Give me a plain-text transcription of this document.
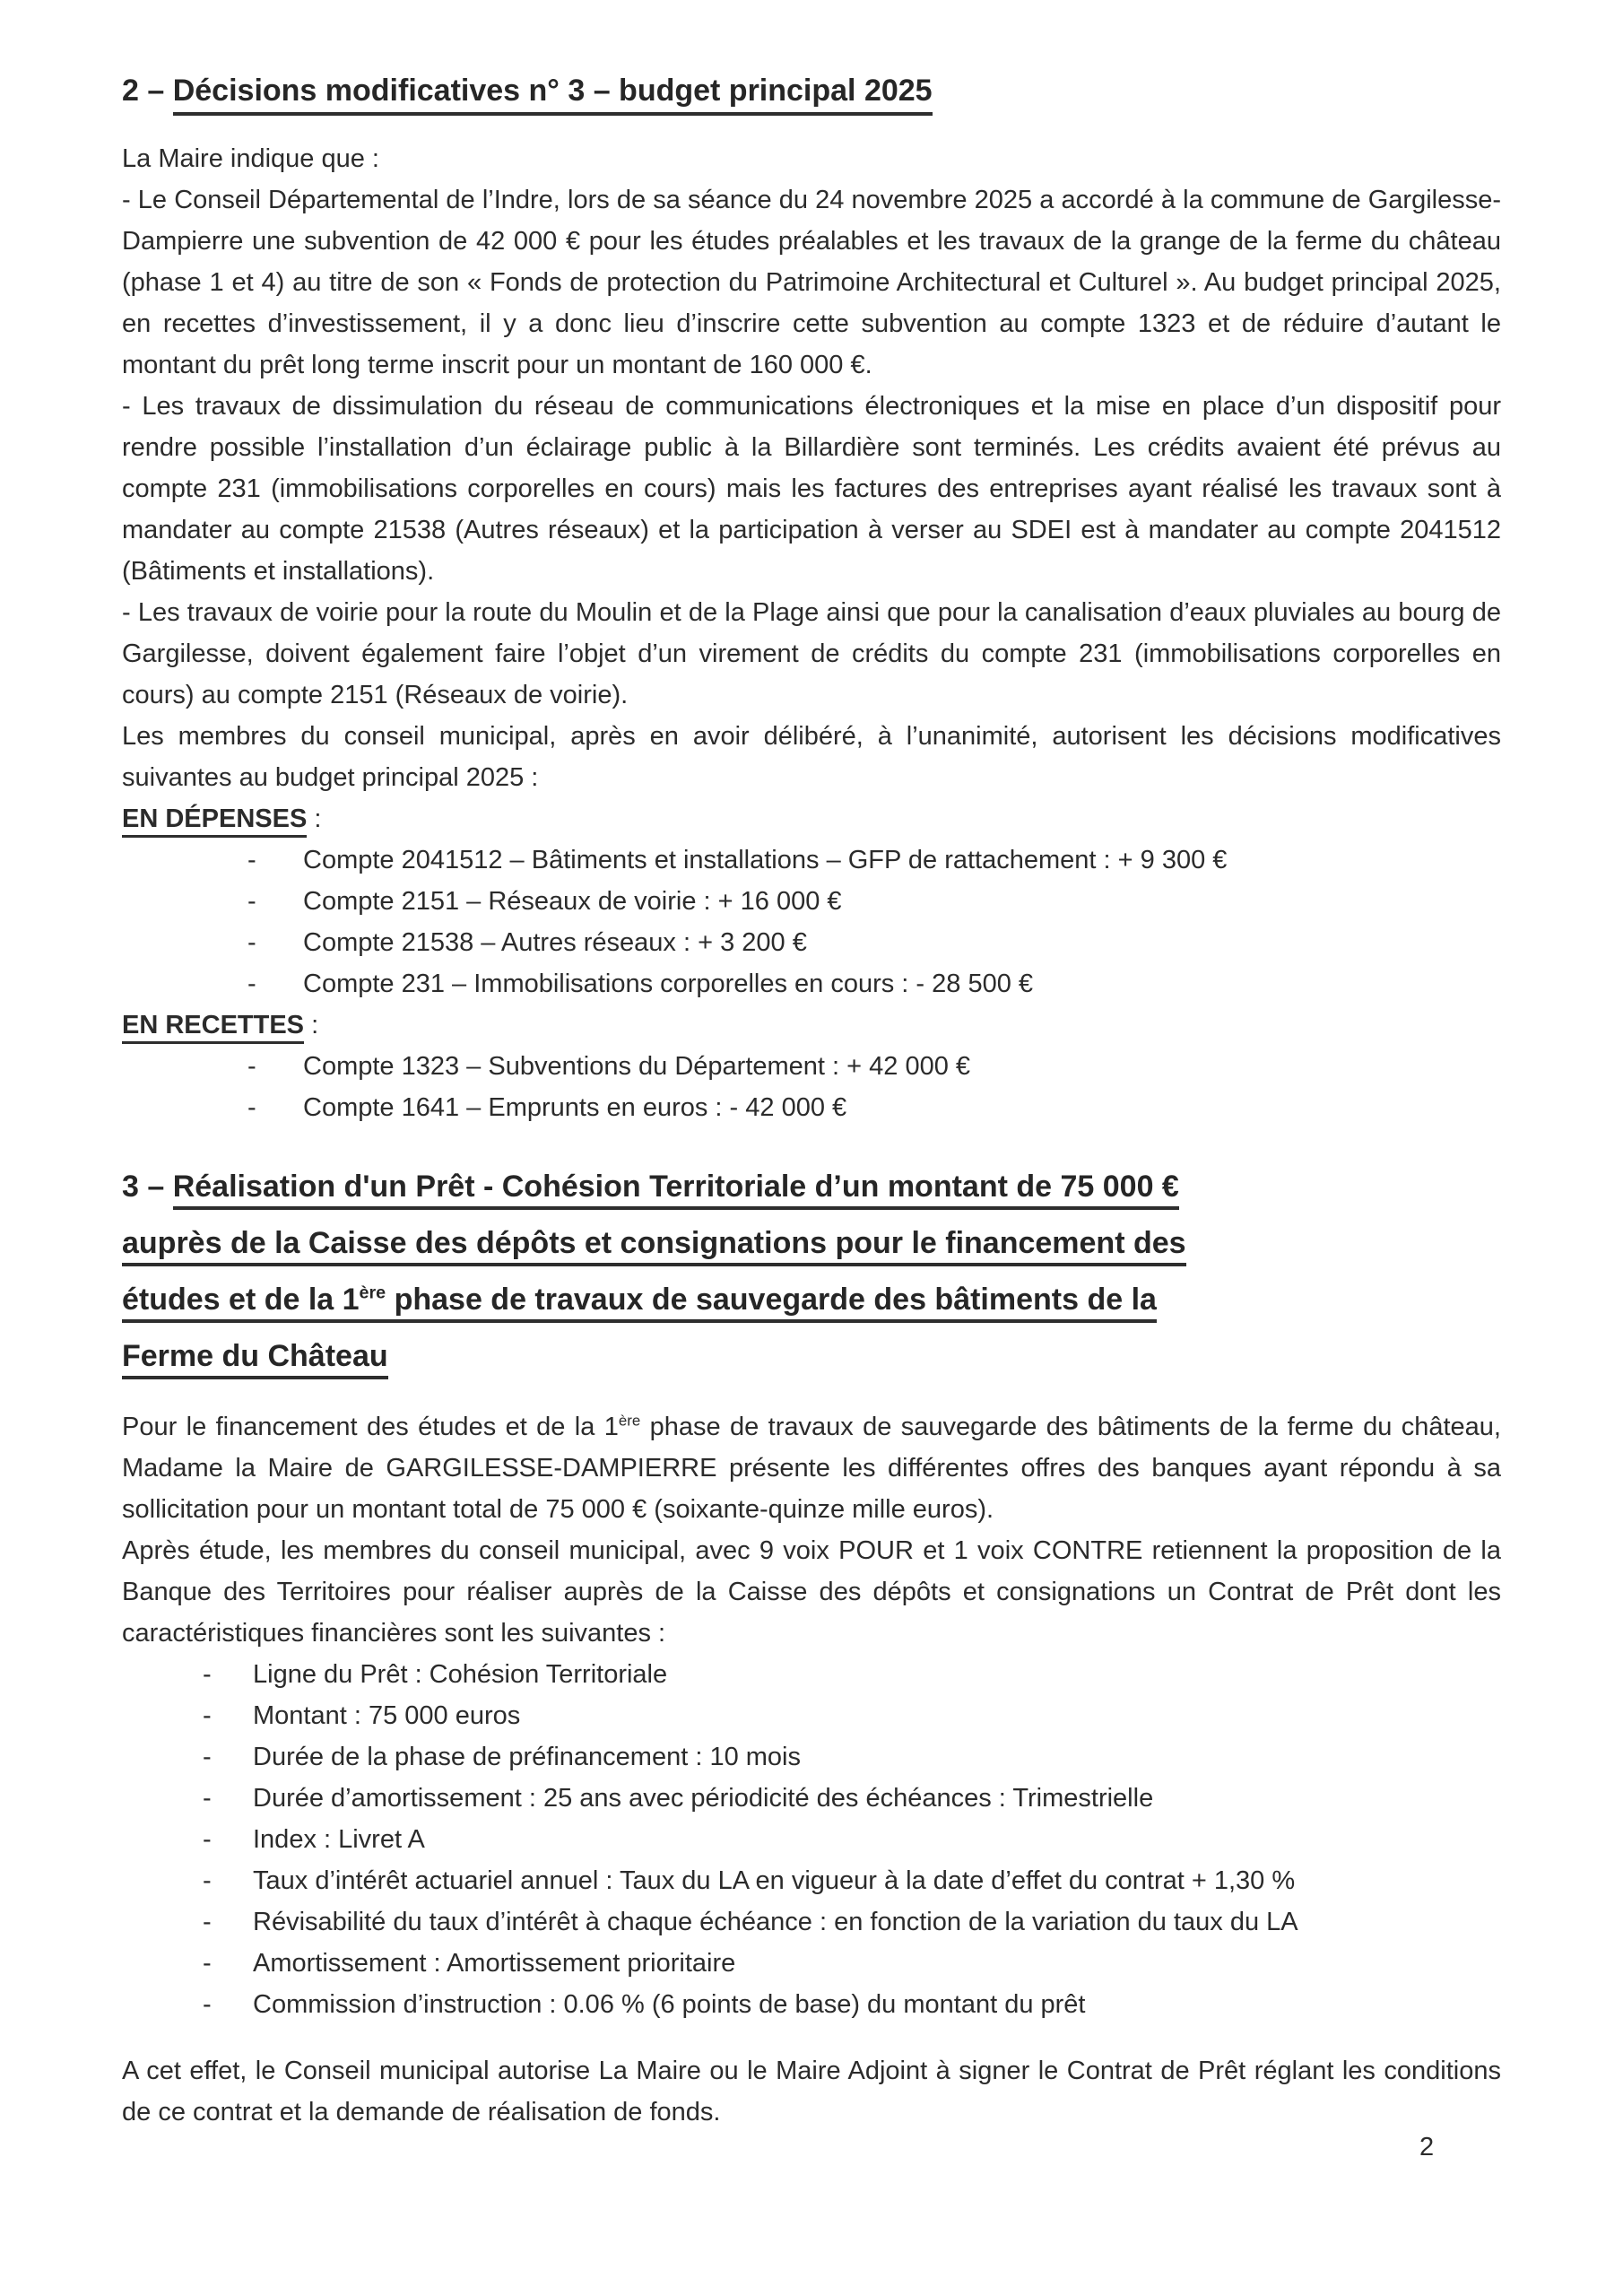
2 – Décisions modificatives n° 3 – budget principal 2025

La Maire indique que :

- Le Conseil Départemental de l’Indre, lors de sa séance du 24 novembre 2025 a accordé à la commune de Gargilesse-Dampierre une subvention de 42 000 € pour les études préalables et les travaux de la grange de la ferme du château (phase 1 et 4) au titre de son « Fonds de protection du Patrimoine Architectural et Culturel ». Au budget principal 2025, en recettes d’investissement, il y a donc lieu d’inscrire cette subvention au compte 1323 et de réduire d’autant le montant du prêt long terme inscrit pour un montant de 160 000 €.

- Les travaux de dissimulation du réseau de communications électroniques et la mise en place d’un dispositif pour rendre possible l’installation d’un éclairage public à la Billardière sont terminés. Les crédits avaient été prévus au compte 231 (immobilisations corporelles en cours) mais les factures des entreprises ayant réalisé les travaux sont à mandater au compte 21538 (Autres réseaux) et la participation à verser au SDEI est à mandater au compte 2041512 (Bâtiments et installations).

- Les travaux de voirie pour la route du Moulin et de la Plage ainsi que pour la canalisation d’eaux pluviales au bourg de Gargilesse, doivent également faire l’objet d’un virement de crédits du compte 231 (immobilisations corporelles en cours) au compte 2151 (Réseaux de voirie).

Les membres du conseil municipal, après en avoir délibéré, à l’unanimité, autorisent les décisions modificatives suivantes au budget principal 2025 :

EN DÉPENSES :
-	Compte 2041512 – Bâtiments et installations – GFP de rattachement : + 9 300 €
-	Compte 2151 – Réseaux de voirie : + 16 000 €
-	Compte 21538 – Autres réseaux : + 3 200 €
-	Compte 231 – Immobilisations corporelles en cours : - 28 500 €
EN RECETTES :
-	Compte 1323 – Subventions du Département : + 42 000 €
-	Compte 1641 – Emprunts en euros : - 42 000 €
3 – Réalisation d'un Prêt - Cohésion Territoriale d’un montant de 75 000 €
auprès de la Caisse des dépôts et consignations pour le financement des
études et de la 1ère phase de travaux de sauvegarde des bâtiments de la
Ferme du Château

Pour le financement des études et de la 1ère phase de travaux de sauvegarde des bâtiments de la ferme du château, Madame la Maire de GARGILESSE-DAMPIERRE présente les différentes offres des banques ayant répondu à sa sollicitation pour un montant total de 75 000 € (soixante-quinze mille euros).

Après étude, les membres du conseil municipal, avec 9 voix POUR et 1 voix CONTRE retiennent la proposition de la Banque des Territoires pour réaliser auprès de la Caisse des dépôts et consignations un Contrat de Prêt dont les caractéristiques financières sont les suivantes :

-	Ligne du Prêt : Cohésion Territoriale
-	Montant : 75 000 euros
-	Durée de la phase de préfinancement : 10 mois
-	Durée d’amortissement : 25 ans avec périodicité des échéances : Trimestrielle
-	Index : Livret A
-	Taux d’intérêt actuariel annuel : Taux du LA en vigueur à la date d’effet du contrat + 1,30 %
-	Révisabilité du taux d’intérêt à chaque échéance : en fonction de la variation du taux du LA
-	Amortissement : Amortissement prioritaire
-	Commission d’instruction : 0.06 % (6 points de base) du montant du prêt

A cet effet, le Conseil municipal autorise La Maire ou le Maire Adjoint à signer le Contrat de Prêt réglant les conditions de ce contrat et la demande de réalisation de fonds.

2
